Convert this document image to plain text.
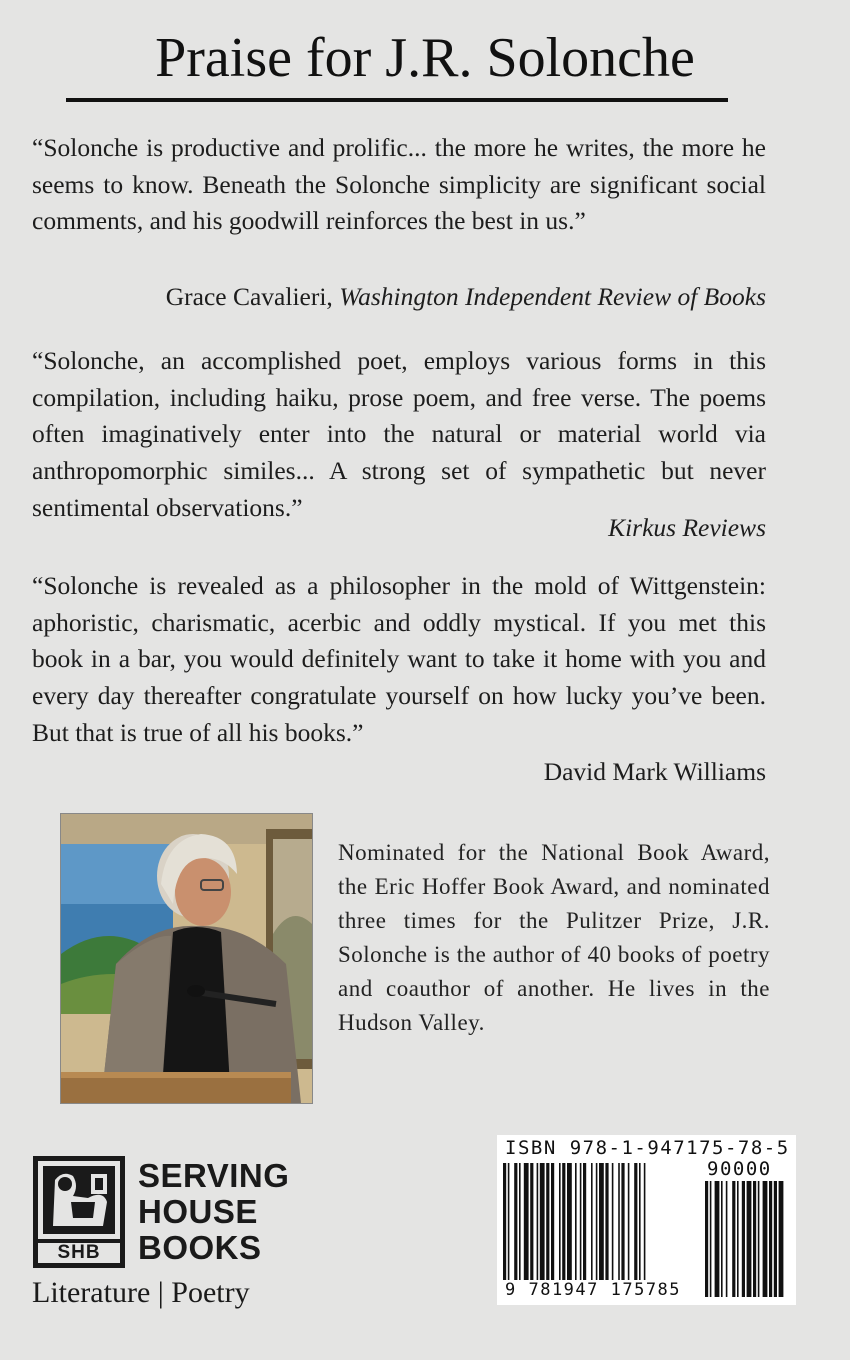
Praise for J.R. Solonche
“Solonche is productive and prolific... the more he writes, the more he seems to know. Beneath the Solonche simplicity are significant social comments, and his goodwill reinforces the best in us.”
Grace Cavalieri, Washington Independent Review of Books
“Solonche, an accomplished poet, employs various forms in this compilation, including haiku, prose poem, and free verse. The poems often imaginatively enter into the natural or material world via anthropomorphic similes... A strong set of sympathetic but never sentimental observations.”
Kirkus Reviews
“Solonche is revealed as a philosopher in the mold of Wittgenstein: aphoristic, charismatic, acerbic and oddly mystical. If you met this book in a bar, you would definitely want to take it home with you and every day thereafter congratulate yourself on how lucky you’ve been. But that is true of all his books.”
David Mark Williams
Nominated for the National Book Award, the Eric Hoffer Book Award, and nominated three times for the Pulitzer Prize, J.R. Solonche is the author of 40 books of poetry and coauthor of another. He lives in the Hudson Valley.
SHB
SERVING
HOUSE
BOOKS
Literature | Poetry
ISBN 978-1-947175-78-5
90000
9 781947 175785
